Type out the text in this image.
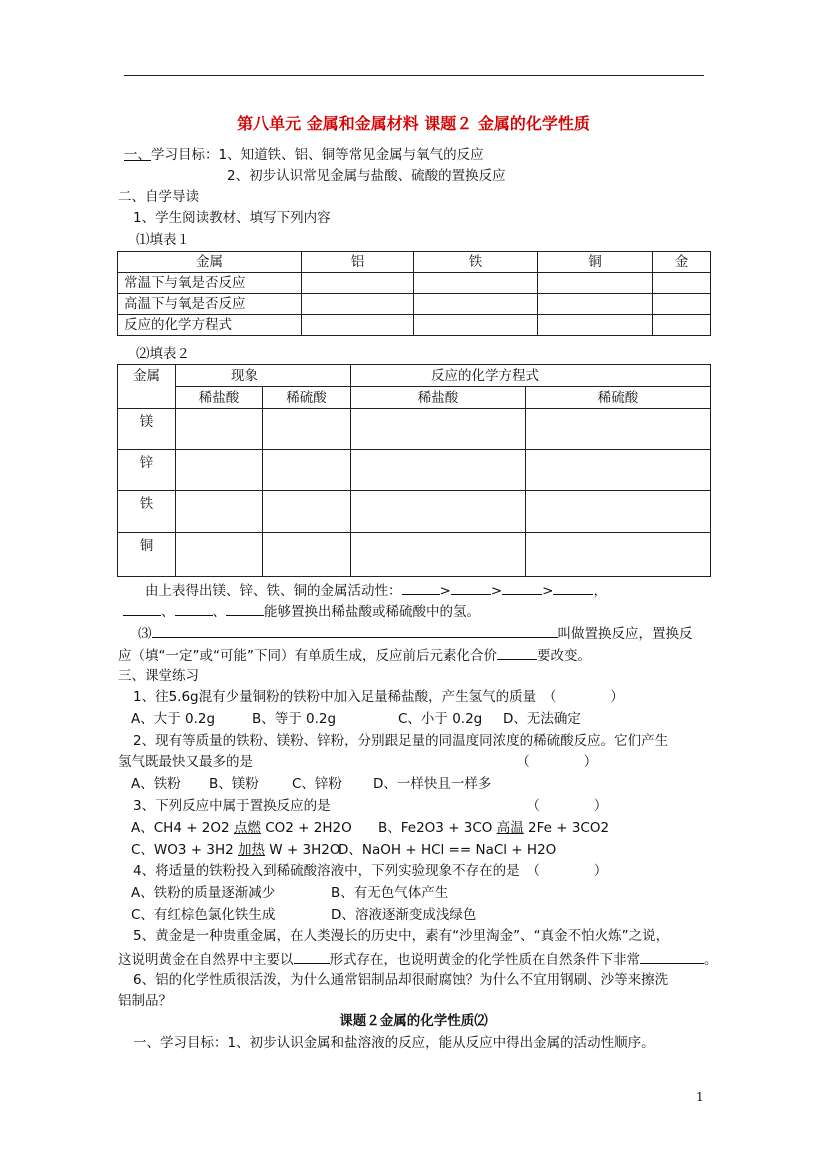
第八单元 金属和金属材料 课题２ 金属的化学性质
一、学习目标：1、知道铁、铝、铜等常见金属与氧气的反应
2、初步认识常见金属与盐酸、硫酸的置换反应
二、自学导读
1、学生阅读教材、填写下列内容
⑴填表１
金属	铝	铁	铜	金
常温下与氧是否反应				
高温下与氧是否反应				
反应的化学方程式				
⑵填表２
金属	现象		反应的化学方程式	
	稀盐酸	稀硫酸	稀盐酸	稀硫酸
镁				
锌				
铁				
铜				
由上表得出镁、锌、铁、铜的金属活动性：	>	>	>	，
、	、	能够置换出稀盐酸或稀硫酸中的氢。
⑶	叫做置换反应，置换反
应（填“一定”或“可能”下同）有单质生成，反应前后元素化合价	要改变。
三、课堂练习
1、往5.6g混有少量铜粉的铁粉中加入足量稀盐酸，产生氢气的质量　（　　　　）
A、大于 0.2g	B、等于 0.2g	C、小于 0.2g D、无法确定
2、现有等质量的铁粉、镁粉、锌粉，分别跟足量的同温度同浓度的稀硫酸反应。它们产生
氢气既最快又最多的是　　　　　　　　　　　　　　　　　　　　（　　　　）
A、铁粉 B、镁粉 C、锌粉 D、一样快且一样多
3、下列反应中属于置换反应的是　　　　　　　　　　　　　　　（　　　　）
A、CH4 + 2O2 点燃 CO2 + 2H2O B、Fe2O3 + 3CO 高温 2Fe + 3CO2
C、WO3 + 3H2 加热 W + 3H2O
D、NaOH + HCl == NaCl + H2O
4、将适量的铁粉投入到稀硫酸溶液中，下列实验现象不存在的是　（　　　　）
A、铁粉的质量逐渐减少	B、有无色气体产生
C、有红棕色氯化铁生成	D、溶液逐渐变成浅绿色
5、黄金是一种贵重金属，在人类漫长的历史中，素有“沙里淘金”、“真金不怕火炼”之说，
这说明黄金在自然界中主要以	形式存在，也说明黄金的化学性质在自然条件下非常	。
6、铝的化学性质很活泼，为什么通常铝制品却很耐腐蚀？为什么不宜用钢刷、沙等来擦洗
铝制品？
课题２金属的化学性质⑵
一、学习目标：1、初步认识金属和盐溶液的反应，能从反应中得出金属的活动性顺序。
1
